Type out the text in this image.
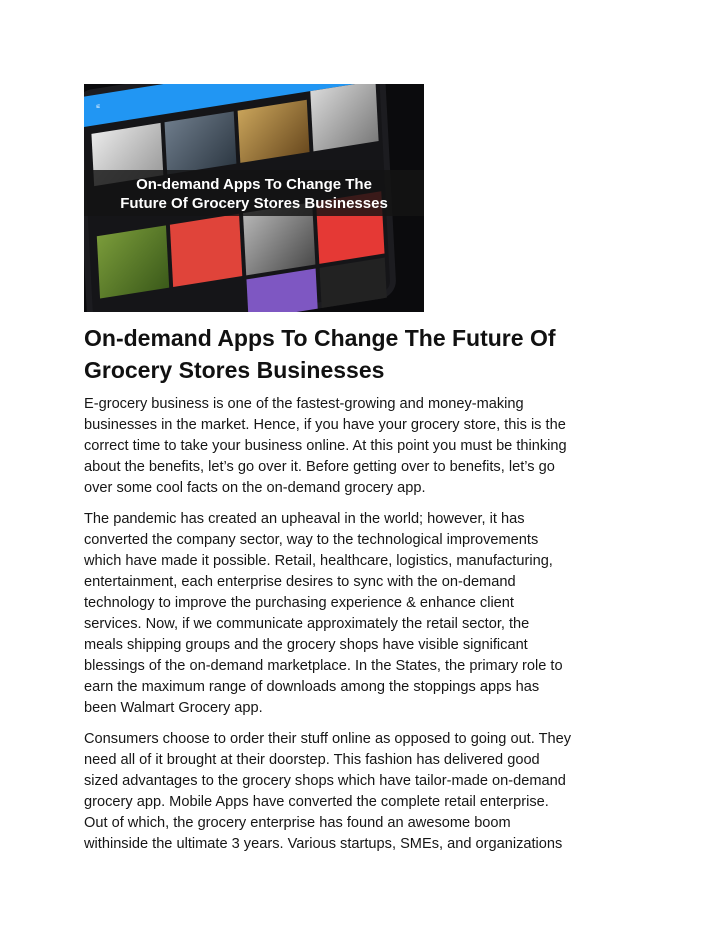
≡
On-demand Apps To Change The
Future Of Grocery Stores Businesses
On-demand Apps To Change The Future Of
Grocery Stores Businesses

E-grocery business is one of the fastest-growing and money-making
businesses in the market. Hence, if you have your grocery store, this is the
correct time to take your business online. At this point you must be thinking
about the benefits, let’s go over it. Before getting over to benefits, let’s go
over some cool facts on the on-demand grocery app.

The pandemic has created an upheaval in the world; however, it has
converted the company sector, way to the technological improvements
which have made it possible. Retail, healthcare, logistics, manufacturing,
entertainment, each enterprise desires to sync with the on-demand
technology to improve the purchasing experience & enhance client
services. Now, if we communicate approximately the retail sector, the
meals shipping groups and the grocery shops have visible significant
blessings of the on-demand marketplace. In the States, the primary role to
earn the maximum range of downloads among the stoppings apps has
been Walmart Grocery app.

Consumers choose to order their stuff online as opposed to going out. They
need all of it brought at their doorstep. This fashion has delivered good
sized advantages to the grocery shops which have tailor-made on-demand
grocery app. Mobile Apps have converted the complete retail enterprise.
Out of which, the grocery enterprise has found an awesome boom
withinside the ultimate 3 years. Various startups, SMEs, and organizations
